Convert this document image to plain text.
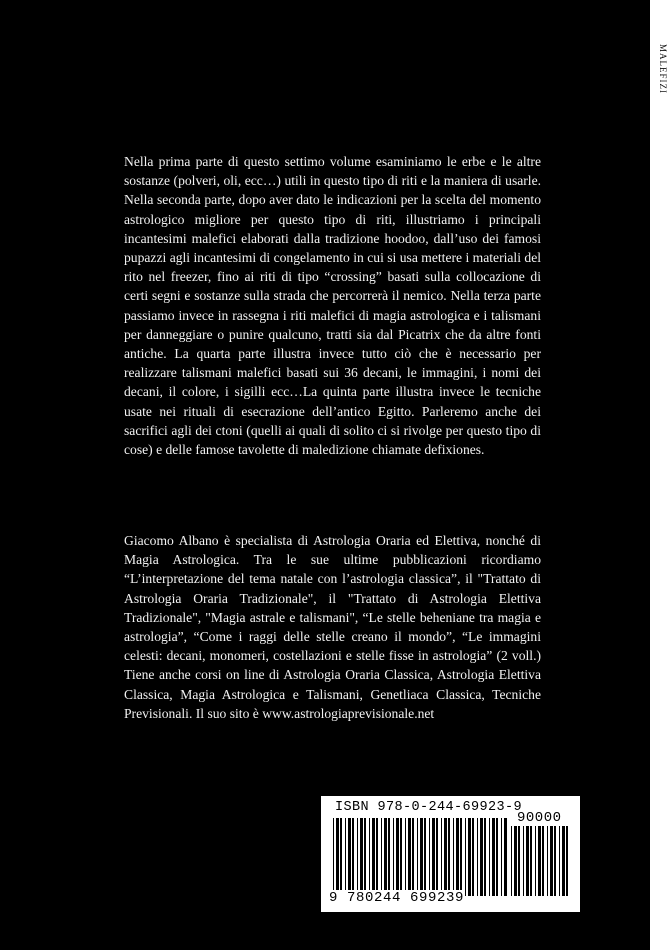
MALEFIZI

Nella prima parte di questo settimo volume esaminiamo le erbe e le altre sostanze (polveri, oli, ecc…) utili in questo tipo di riti e la maniera di usarle. Nella seconda parte, dopo aver dato le indicazioni per la scelta del momento astrologico migliore per questo tipo di riti, illustriamo i principali incantesimi malefici elaborati dalla tradizione hoodoo, dall’uso dei famosi pupazzi agli incantesimi di congelamento in cui si usa mettere i materiali del rito nel freezer, fino ai riti di tipo “crossing” basati sulla collocazione di certi segni e sostanze sulla strada che percorrerà il nemico. Nella terza parte passiamo invece in rassegna i riti malefici di magia astrologica e i talismani per danneggiare o punire qualcuno, tratti sia dal Picatrix che da altre fonti antiche. La quarta parte illustra invece tutto ciò che è necessario per realizzare talismani malefici basati sui 36 decani, le immagini, i nomi dei decani, il colore, i sigilli ecc…La quinta parte illustra invece le tecniche usate nei rituali di esecrazione dell’antico Egitto. Parleremo anche dei sacrifici agli dei ctoni (quelli ai quali di solito ci si rivolge per questo tipo di cose) e delle famose tavolette di maledizione chiamate defixiones.

Giacomo Albano è specialista di Astrologia Oraria ed Elettiva, nonché di Magia Astrologica. Tra le sue ultime pubblicazioni ricordiamo “L’interpretazione del tema natale con l’astrologia classica”, il "Trattato di Astrologia Oraria Tradizionale", il "Trattato di Astrologia Elettiva Tradizionale", "Magia astrale e talismani", “Le stelle beheniane tra magia e astrologia”, “Come i raggi delle stelle creano il mondo”, “Le immagini celesti: decani, monomeri, costellazioni e stelle fisse in astrologia” (2 voll.) Tiene anche corsi on line di Astrologia Oraria Classica, Astrologia Elettiva Classica, Magia Astrologica e Talismani, Genetliaca Classica, Tecniche Previsionali. Il suo sito è www.astrologiaprevisionale.net

ISBN 978-0-244-69923-9
90000
9 780244 699239
